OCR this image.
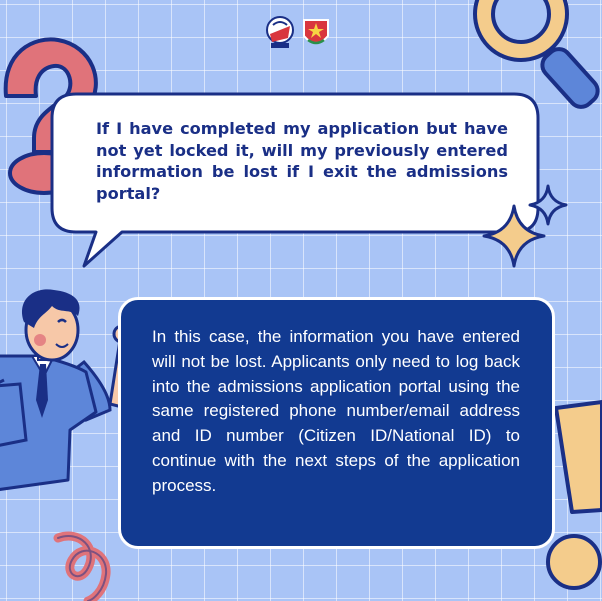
If I have completed my application but have not yet locked it, will my previously entered information be lost if I exit the admissions portal?

In this case, the information you have entered will not be lost. Applicants only need to log back into the admissions application portal using the same registered phone number/email address and ID number (Citizen ID/National ID) to continue with the next steps of the application process.
